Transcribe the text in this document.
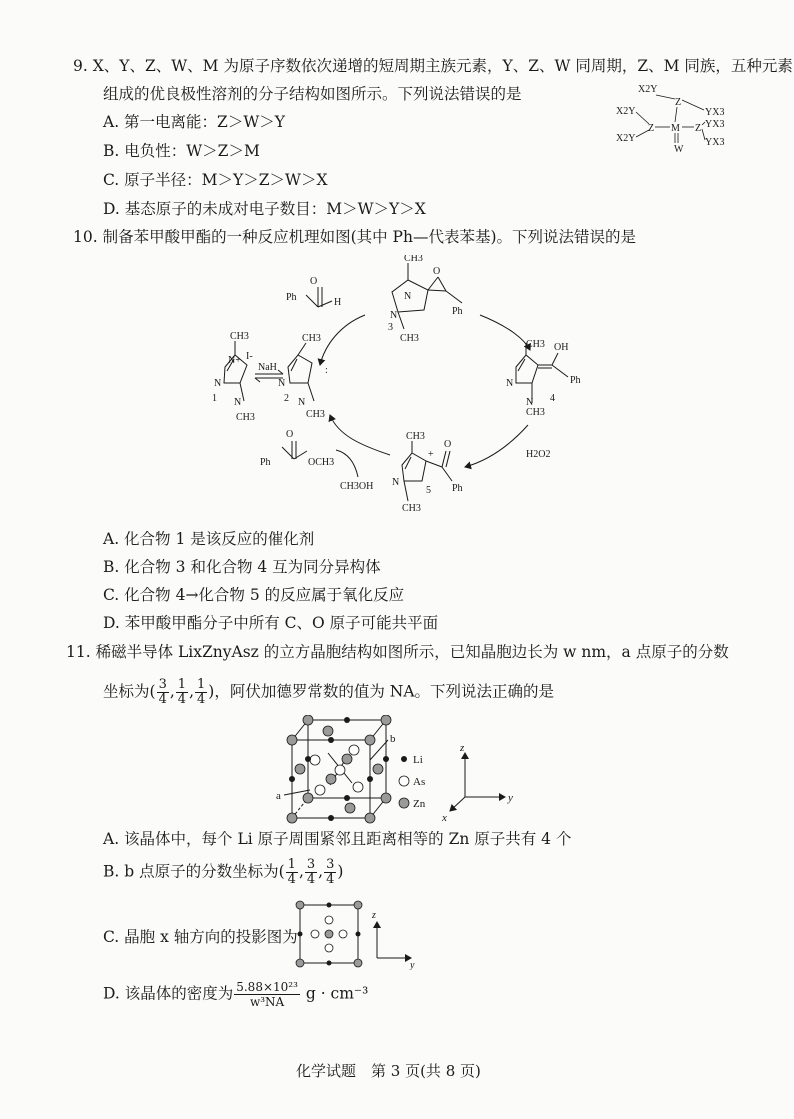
9. X、Y、Z、W、M 为原子序数依次递增的短周期主族元素，Y、Z、W 同周期，Z、M 同族，五种元素
组成的优良极性溶剂的分子结构如图所示。下列说法错误的是
A. 第一电离能：Z＞W＞Y
B. 电负性：W＞Z＞M
C. 原子半径：M＞Y＞Z＞W＞X
D. 基态原子的未成对电子数目：M＞W＞Y＞X
X2Y
Z
YX3
X2Y
Z M Z
X2Y
W
YX3
YX3
10. 制备苯甲酸甲酯的一种反应机理如图(其中 Ph—代表苯基)。下列说法错误的是
O
Ph	H
CH3
N
N
3
O
Ph
CH3
CH3
N+ I-
N
1 N
CH3
NaH
CH3
N
2 N
CH3
:
CH3 OH
N
N 4
Ph
CH3
H2O2
CH3
+
O
N
5 Ph
CH3
O
Ph	OCH3
CH3OH
A. 化合物 1 是该反应的催化剂
B. 化合物 3 和化合物 4 互为同分异构体
C. 化合物 4→化合物 5 的反应属于氧化反应
D. 苯甲酸甲酯分子中所有 C、O 原子可能共平面
11. 稀磁半导体 LixZnyAsz 的立方晶胞结构如图所示，已知晶胞边长为 w nm，a 点原子的分数
坐标为( $\frac{3}{4}$ , $\frac{1}{4}$ , $\frac{1}{4}$ )，阿伏加德罗常数的值为 NA。下列说法正确的是
b
a
Li
As
Zn
z
y
x
A. 该晶体中，每个 Li 原子周围紧邻且距离相等的 Zn 原子共有 4 个
B. b 点原子的分数坐标为( $\frac{1}{4}$ , $\frac{3}{4}$ , $\frac{3}{4}$ )
C. 晶胞 x 轴方向的投影图为
z
y
D. 该晶体的密度为 $\frac{\text{5.88×10²³}}{\text{w³NA}}$ g · cm⁻³
化学试题　第 3 页(共 8 页)
